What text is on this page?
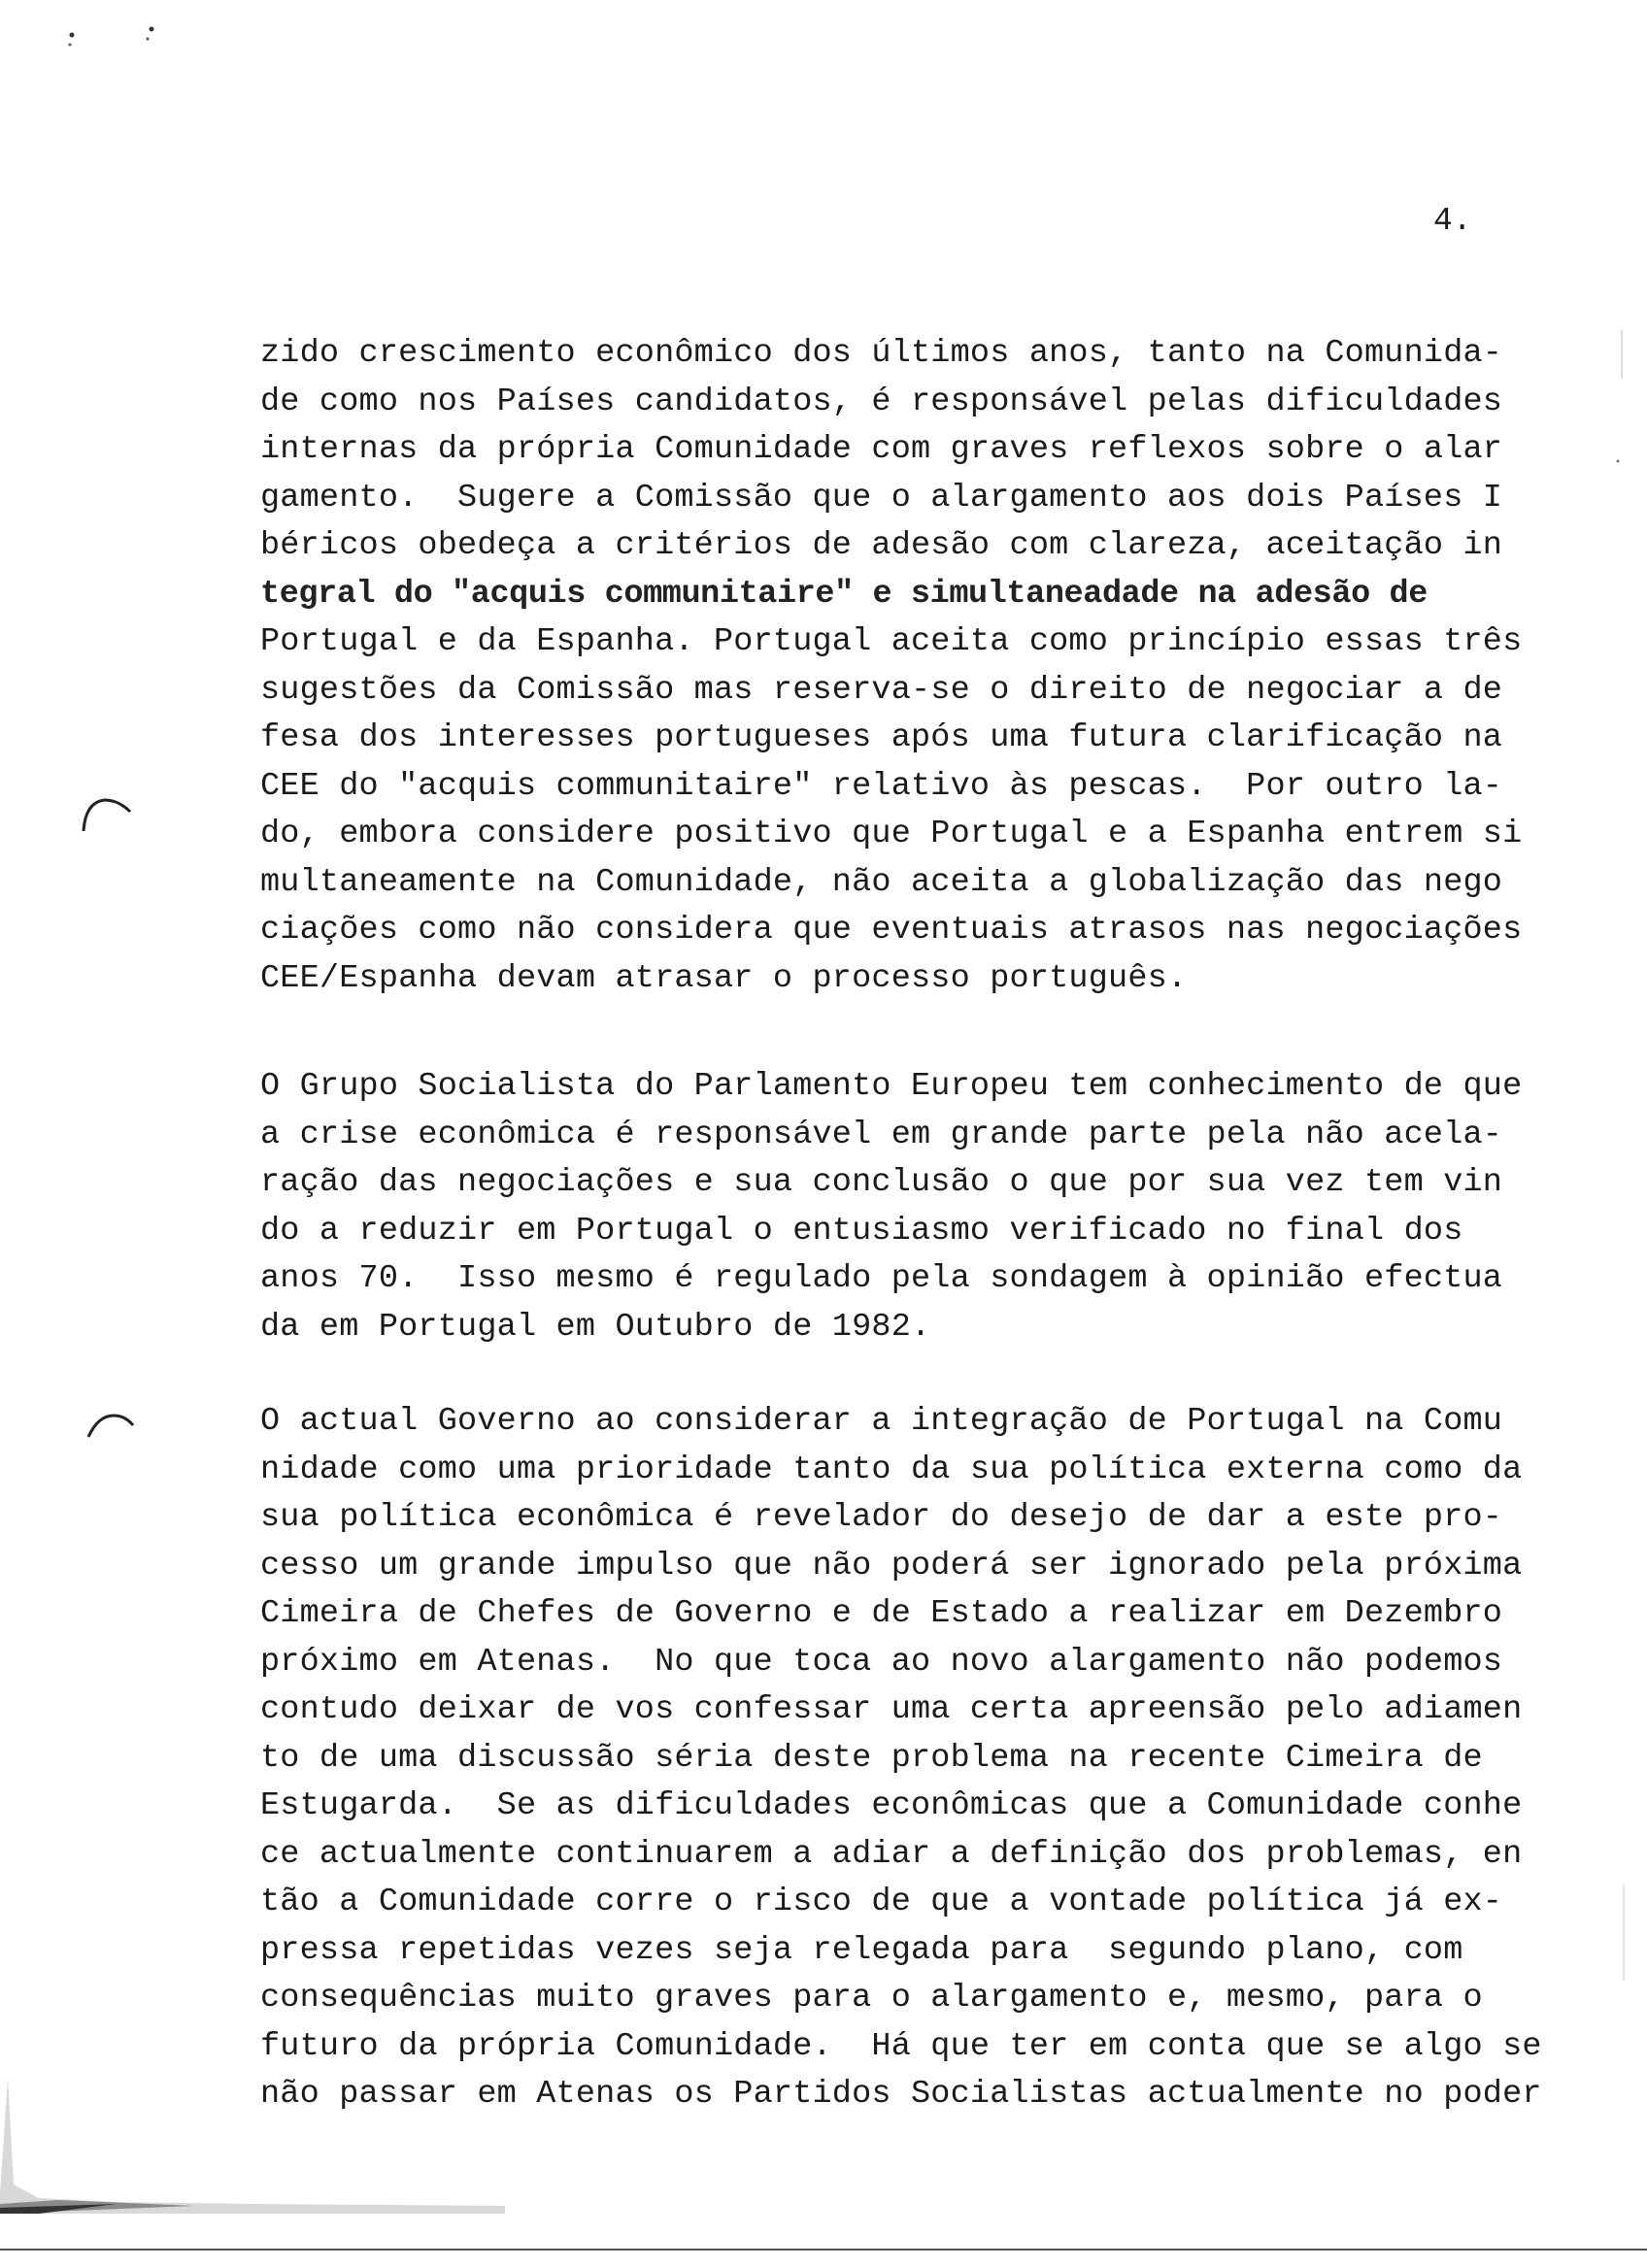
4.
zido crescimento econômico dos últimos anos, tanto na Comunida-
de como nos Países candidatos, é responsável pelas dificuldades
internas da própria Comunidade com graves reflexos sobre o alar
gamento.  Sugere a Comissão que o alargamento aos dois Países I
béricos obedeça a critérios de adesão com clareza, aceitação in
tegral do "acquis communitaire" e simultaneadade na adesão de
Portugal e da Espanha. Portugal aceita como princípio essas três
sugestões da Comissão mas reserva-se o direito de negociar a de
fesa dos interesses portugueses após uma futura clarificação na
CEE do "acquis communitaire" relativo às pescas.  Por outro la-
do, embora considere positivo que Portugal e a Espanha entrem si
multaneamente na Comunidade, não aceita a globalização das nego
ciações como não considera que eventuais atrasos nas negociações
CEE/Espanha devam atrasar o processo português.
O Grupo Socialista do Parlamento Europeu tem conhecimento de que
a crise econômica é responsável em grande parte pela não acela-
ração das negociações e sua conclusão o que por sua vez tem vin
do a reduzir em Portugal o entusiasmo verificado no final dos
anos 70.  Isso mesmo é regulado pela sondagem à opinião efectua
da em Portugal em Outubro de 1982.
O actual Governo ao considerar a integração de Portugal na Comu
nidade como uma prioridade tanto da sua política externa como da
sua política econômica é revelador do desejo de dar a este pro-
cesso um grande impulso que não poderá ser ignorado pela próxima
Cimeira de Chefes de Governo e de Estado a realizar em Dezembro
próximo em Atenas.  No que toca ao novo alargamento não podemos
contudo deixar de vos confessar uma certa apreensão pelo adiamen
to de uma discussão séria deste problema na recente Cimeira de
Estugarda.  Se as dificuldades econômicas que a Comunidade conhe
ce actualmente continuarem a adiar a definição dos problemas, en
tão a Comunidade corre o risco de que a vontade política já ex-
pressa repetidas vezes seja relegada para  segundo plano, com
consequências muito graves para o alargamento e, mesmo, para o
futuro da própria Comunidade.  Há que ter em conta que se algo se
não passar em Atenas os Partidos Socialistas actualmente no poder
